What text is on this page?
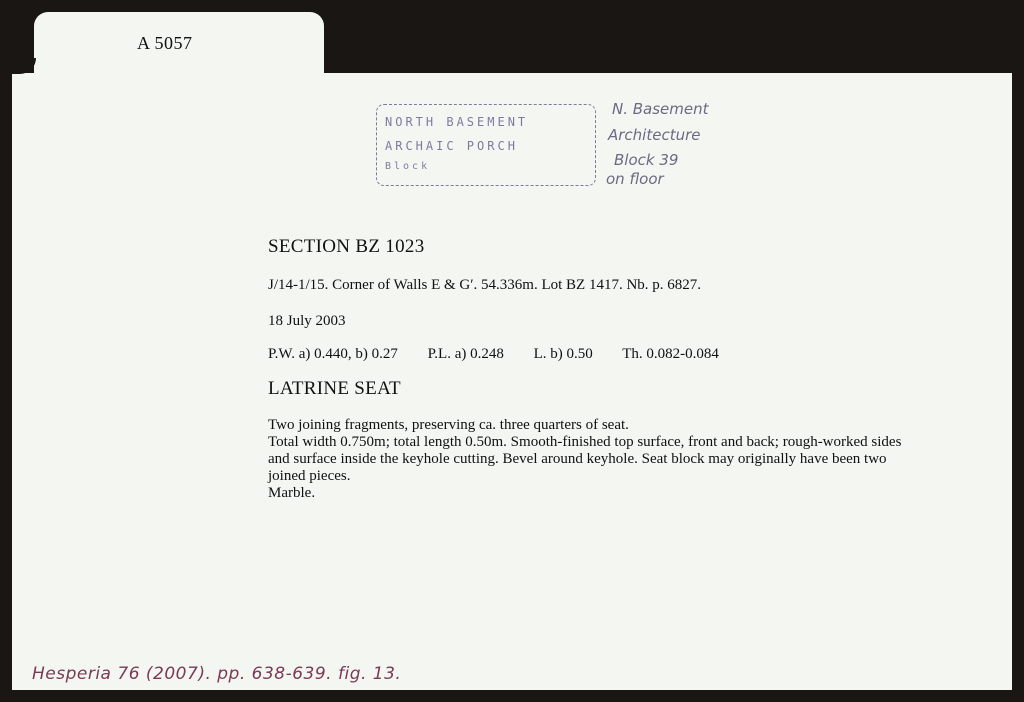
A 5057
NORTH BASEMENT
ARCHAIC PORCH
Block
N. Basement
Architecture
Block 39
on floor
SECTION BZ 1023
J/14-1/15. Corner of Walls E & G′. 54.336m. Lot BZ 1417. Nb. p. 6827.
18 July 2003
P.W. a) 0.440, b) 0.27 P.L. a) 0.248 L. b) 0.50 Th. 0.082-0.084
LATRINE SEAT
Two joining fragments, preserving ca. three quarters of seat.
Total width 0.750m; total length 0.50m. Smooth-finished top surface, front and back; rough-worked sides and surface inside the keyhole cutting. Bevel around keyhole. Seat block may originally have been two joined pieces.
Marble.
Hesperia 76 (2007). pp. 638-639. fig. 13.
